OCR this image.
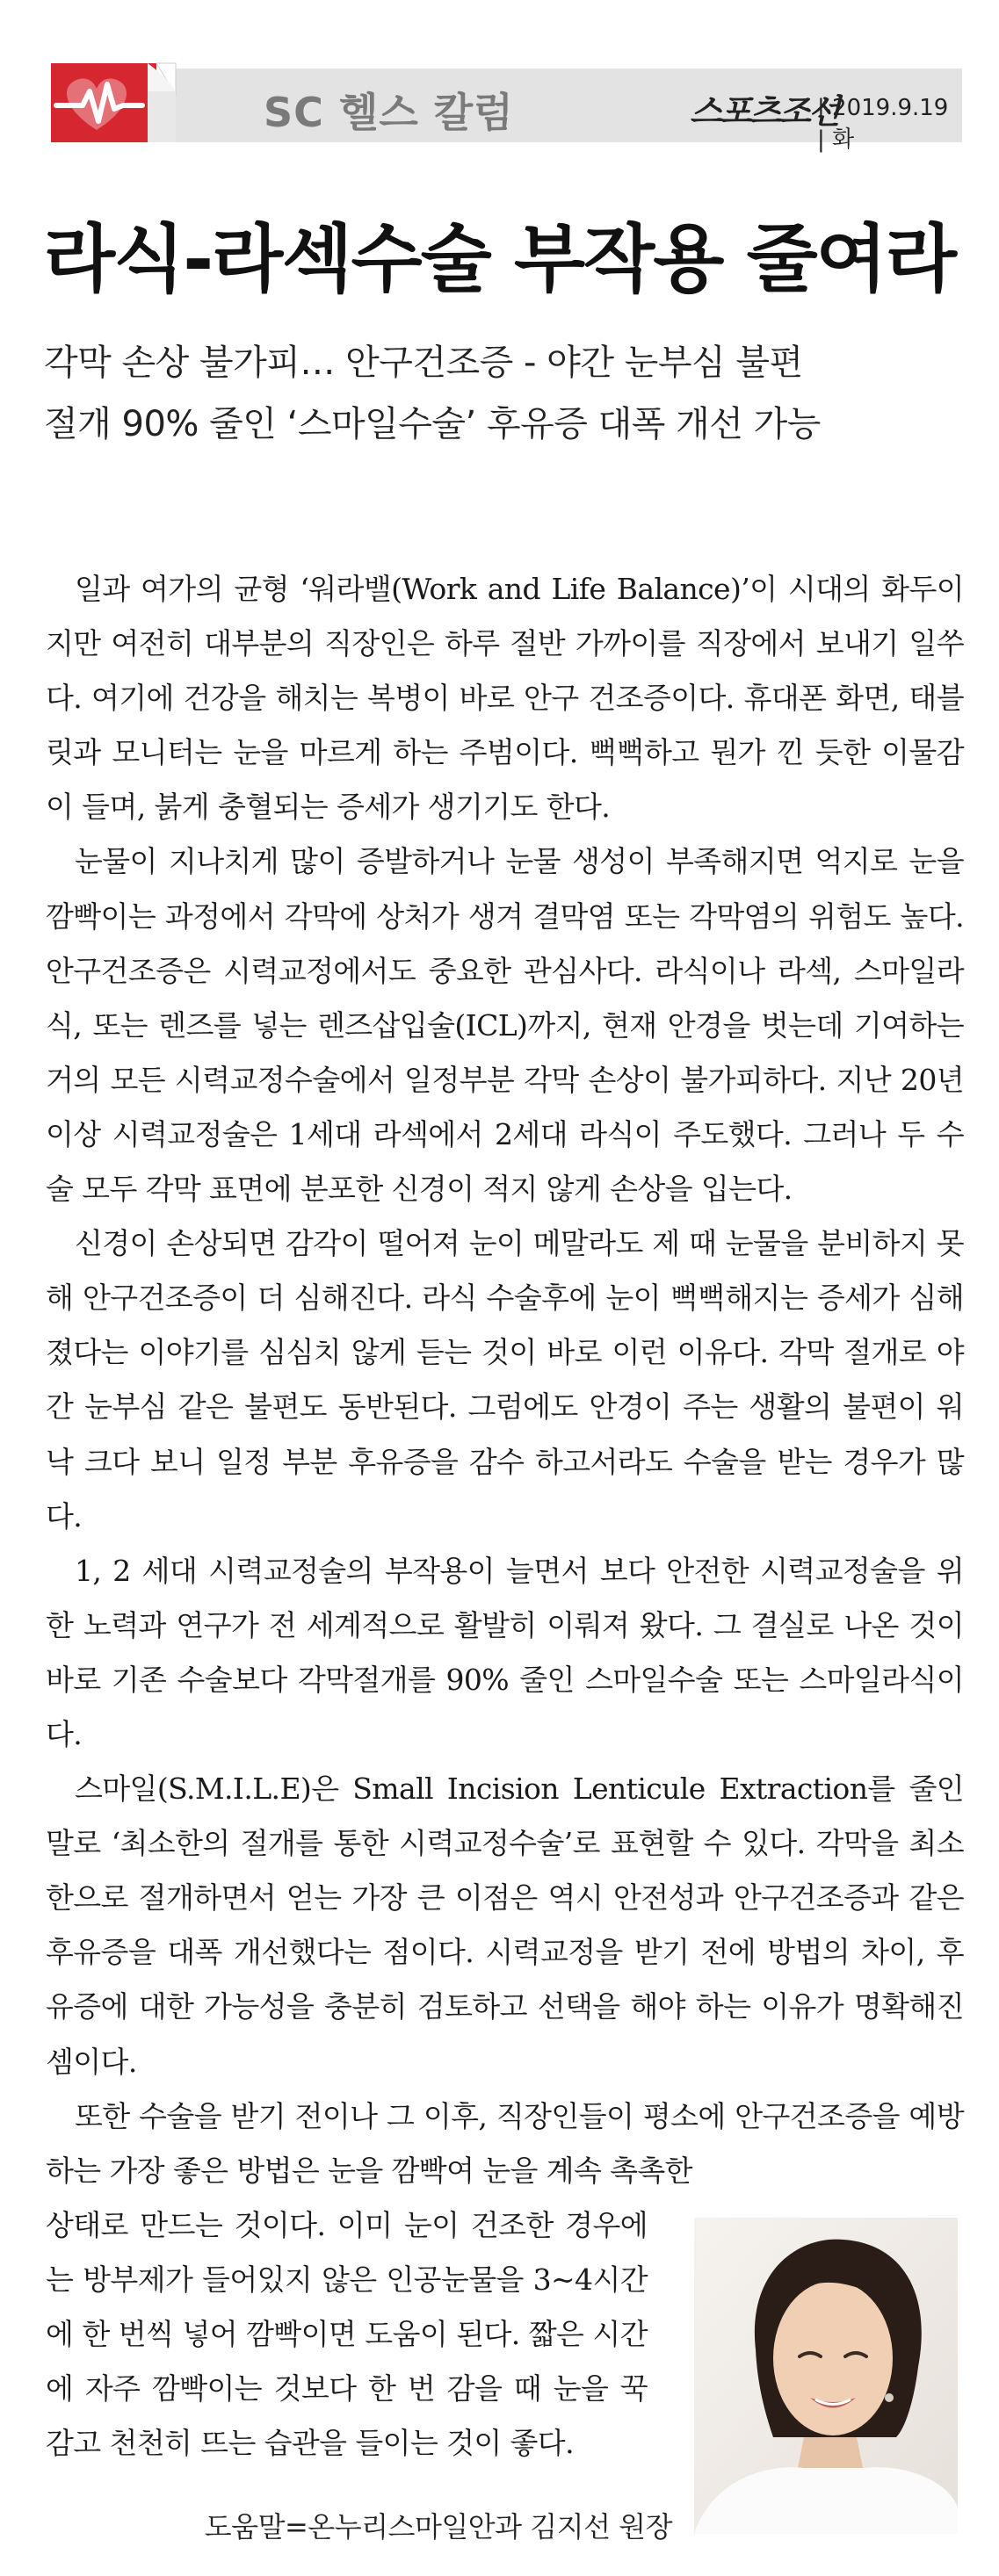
SC 헬스 칼럼	스포츠조선
| 2019.9.19 | 화
라식-라섹수술 부작용 줄여라
각막 손상 불가피… 안구건조증 - 야간 눈부심 불편
절개 90% 줄인 ‘스마일수술’ 후유증 대폭 개선 가능

일과 여가의 균형 ‘워라밸(Work and Life Balance)’이 시대의 화두이지만 여전히 대부분의 직장인은 하루 절반 가까이를 직장에서 보내기 일쑤다. 여기에 건강을 해치는 복병이 바로 안구 건조증이다. 휴대폰 화면, 태블릿과 모니터는 눈을 마르게 하는 주범이다. 뻑뻑하고 뭔가 낀 듯한 이물감이 들며, 붉게 충혈되는 증세가 생기기도 한다.

눈물이 지나치게 많이 증발하거나 눈물 생성이 부족해지면 억지로 눈을 깜빡이는 과정에서 각막에 상처가 생겨 결막염 또는 각막염의 위험도 높다. 안구건조증은 시력교정에서도 중요한 관심사다. 라식이나 라섹, 스마일라식, 또는 렌즈를 넣는 렌즈삽입술(ICL)까지, 현재 안경을 벗는데 기여하는 거의 모든 시력교정수술에서 일정부분 각막 손상이 불가피하다. 지난 20년 이상 시력교정술은 1세대 라섹에서 2세대 라식이 주도했다. 그러나 두 수술 모두 각막 표면에 분포한 신경이 적지 않게 손상을 입는다.

신경이 손상되면 감각이 떨어져 눈이 메말라도 제 때 눈물을 분비하지 못해 안구건조증이 더 심해진다. 라식 수술후에 눈이 뻑뻑해지는 증세가 심해졌다는 이야기를 심심치 않게 듣는 것이 바로 이런 이유다. 각막 절개로 야간 눈부심 같은 불편도 동반된다. 그럼에도 안경이 주는 생활의 불편이 워낙 크다 보니 일정 부분 후유증을 감수 하고서라도 수술을 받는 경우가 많다.

1, 2 세대 시력교정술의 부작용이 늘면서 보다 안전한 시력교정술을 위한 노력과 연구가 전 세계적으로 활발히 이뤄져 왔다. 그 결실로 나온 것이 바로 기존 수술보다 각막절개를 90% 줄인 스마일수술 또는 스마일라식이다.

스마일(S.M.I.L.E)은 Small Incision Lenticule Extraction를 줄인 말로 ‘최소한의 절개를 통한 시력교정수술’로 표현할 수 있다. 각막을 최소한으로 절개하면서 얻는 가장 큰 이점은 역시 안전성과 안구건조증과 같은 후유증을 대폭 개선했다는 점이다. 시력교정을 받기 전에 방법의 차이, 후유증에 대한 가능성을 충분히 검토하고 선택을 해야 하는 이유가 명확해진 셈이다.

또한 수술을 받기 전이나 그 이후, 직장인들이 평소에 안구건조증을 예방하는 가장 좋은 방법은 눈을 깜빡여 눈을 계속 촉촉한

상태로 만드는 것이다. 이미 눈이 건조한 경우에는 방부제가 들어있지 않은 인공눈물을 3~4시간에 한 번씩 넣어 깜빡이면 도움이 된다. 짧은 시간에 자주 깜빡이는 것보다 한 번 감을 때 눈을 꾹 감고 천천히 뜨는 습관을 들이는 것이 좋다.

도움말=온누리스마일안과 김지선 원장
